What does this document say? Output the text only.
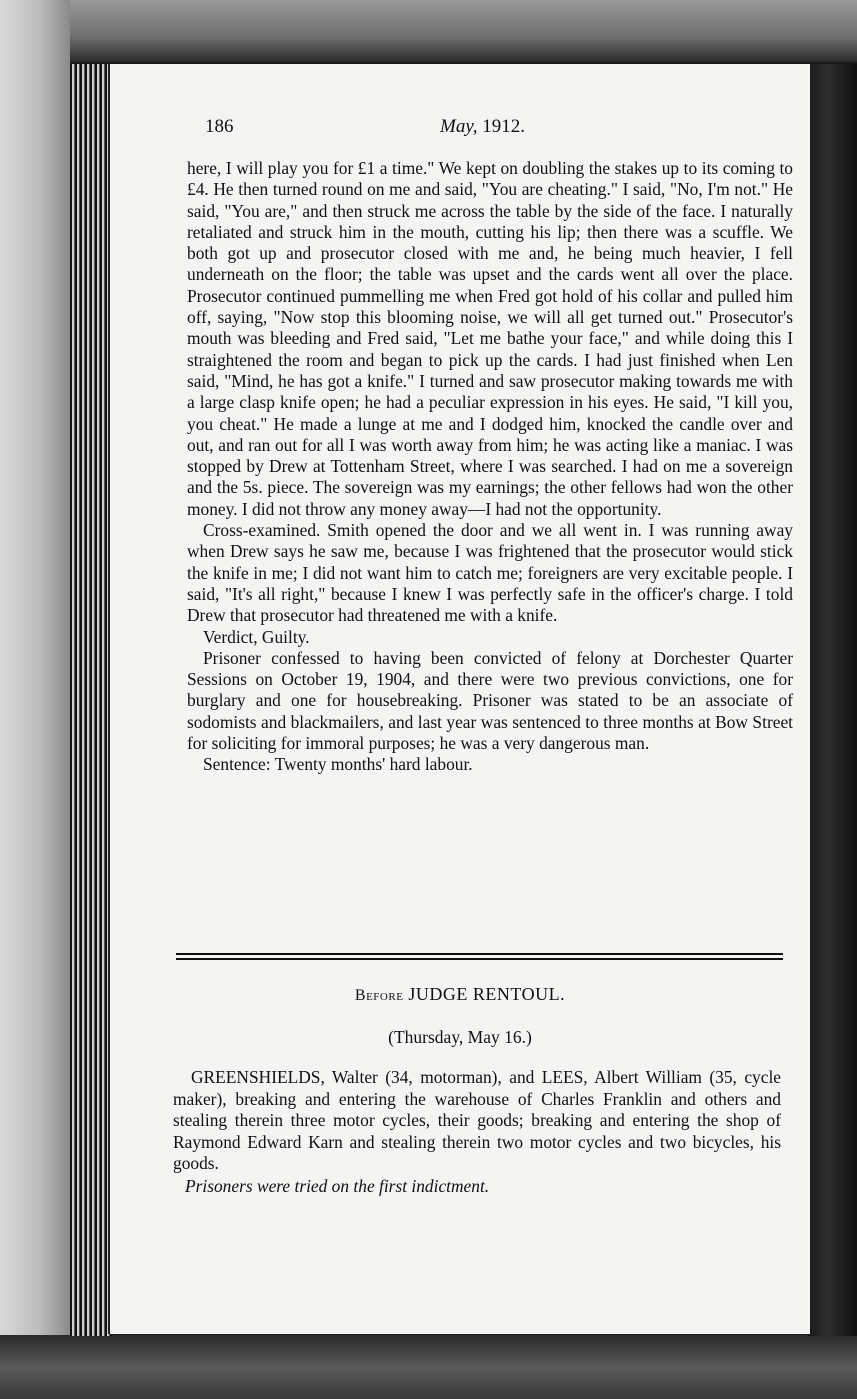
186	May, 1912.

here, I will play you for £1 a time." We kept on doubling the stakes up to its coming to £4. He then turned round on me and said, "You are cheating." I said, "No, I'm not." He said, "You are," and then struck me across the table by the side of the face. I naturally retaliated and struck him in the mouth, cutting his lip; then there was a scuffle. We both got up and prosecutor closed with me and, he being much heavier, I fell underneath on the floor; the table was upset and the cards went all over the place. Prosecutor continued pummelling me when Fred got hold of his collar and pulled him off, saying, "Now stop this blooming noise, we will all get turned out." Prosecutor's mouth was bleeding and Fred said, "Let me bathe your face," and while doing this I straightened the room and began to pick up the cards. I had just finished when Len said, "Mind, he has got a knife." I turned and saw prosecutor making towards me with a large clasp knife open; he had a peculiar expression in his eyes. He said, "I kill you, you cheat." He made a lunge at me and I dodged him, knocked the candle over and out, and ran out for all I was worth away from him; he was acting like a maniac. I was stopped by Drew at Tottenham Street, where I was searched. I had on me a sovereign and the 5s. piece. The sovereign was my earnings; the other fellows had won the other money. I did not throw any money away—I had not the opportunity.

Cross-examined. Smith opened the door and we all went in. I was running away when Drew says he saw me, because I was frightened that the prosecutor would stick the knife in me; I did not want him to catch me; foreigners are very excitable people. I said, "It's all right," because I knew I was perfectly safe in the officer's charge. I told Drew that prosecutor had threatened me with a knife.

Verdict, Guilty.

Prisoner confessed to having been convicted of felony at Dorchester Quarter Sessions on October 19, 1904, and there were two previous convictions, one for burglary and one for housebreaking. Prisoner was stated to be an associate of sodomists and blackmailers, and last year was sentenced to three months at Bow Street for soliciting for immoral purposes; he was a very dangerous man.

Sentence: Twenty months' hard labour.

Before JUDGE RENTOUL.
(Thursday, May 16.)

GREENSHIELDS, Walter (34, motorman), and LEES, Albert William (35, cycle maker), breaking and entering the warehouse of Charles Franklin and others and stealing therein three motor cycles, their goods; breaking and entering the shop of Raymond Edward Karn and stealing therein two motor cycles and two bicycles, his goods.

Prisoners were tried on the first indictment.
